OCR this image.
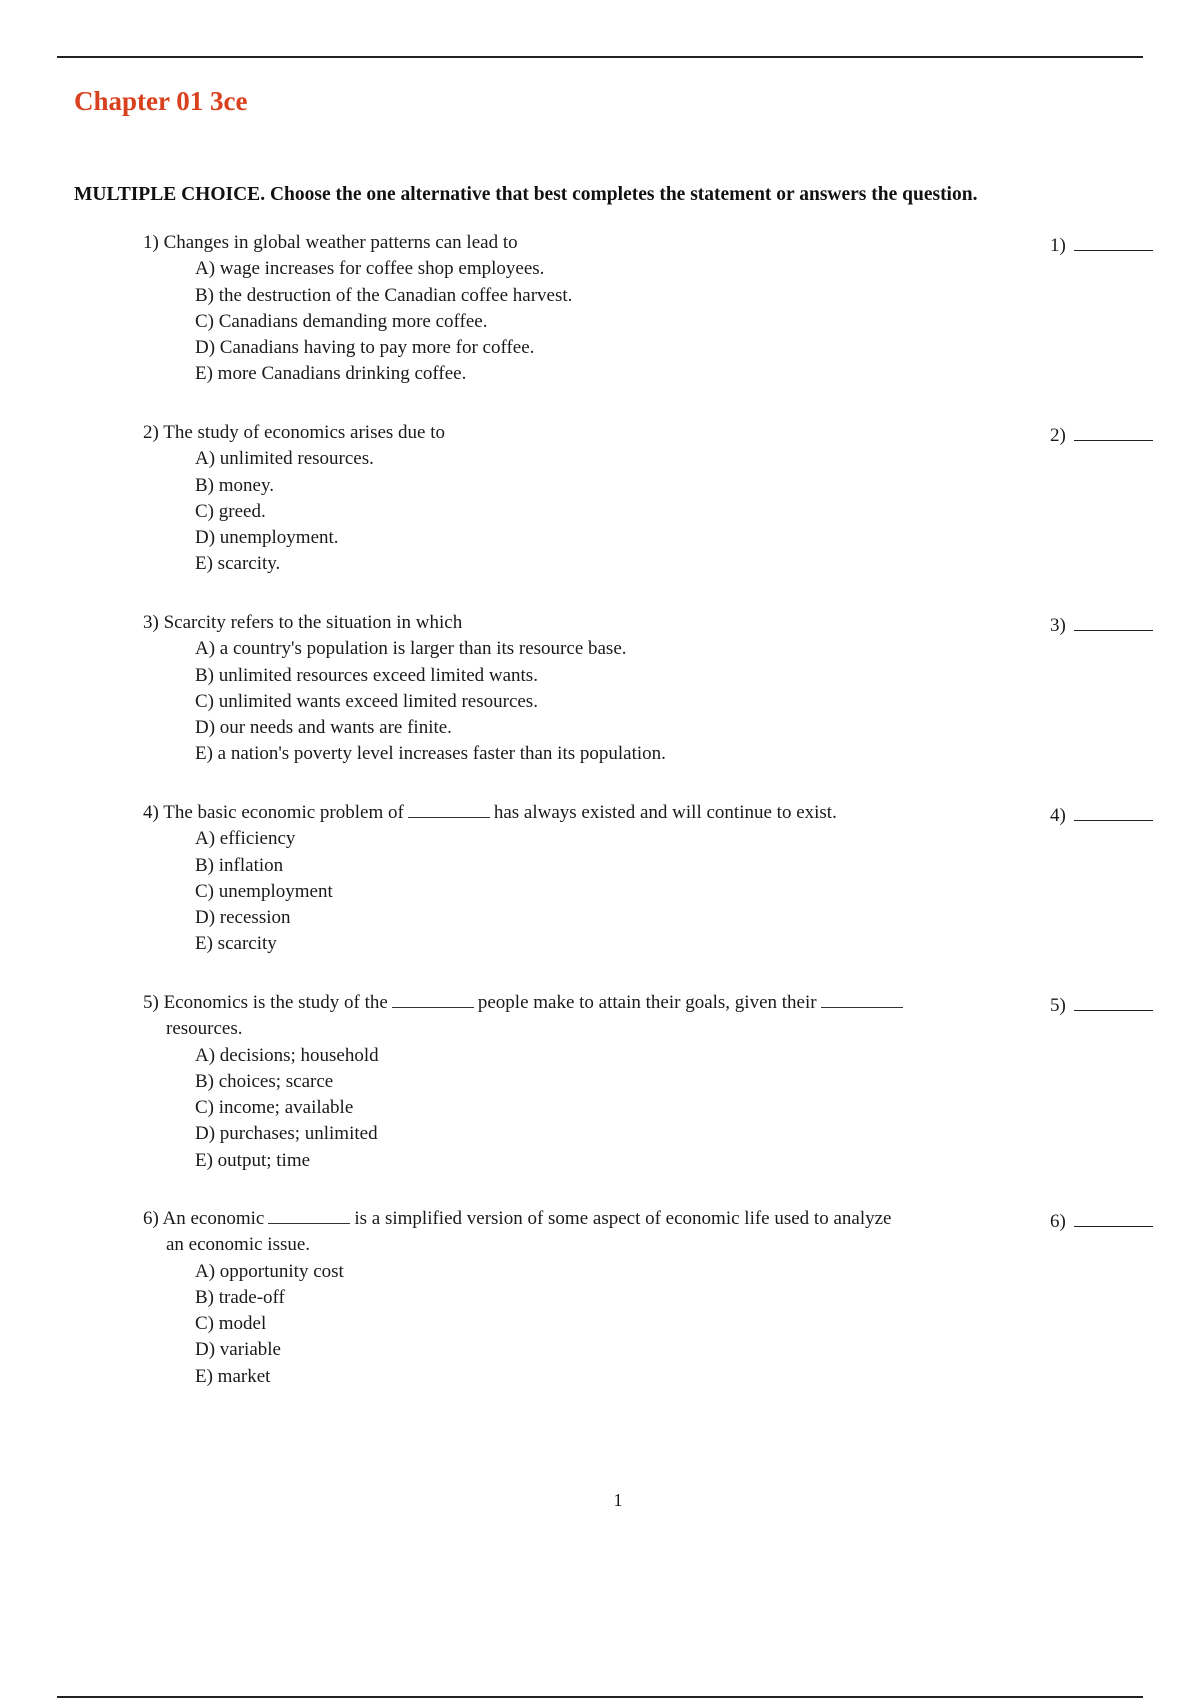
Chapter 01 3ce
MULTIPLE CHOICE. Choose the one alternative that best completes the statement or answers the question.
1) Changes in global weather patterns can lead to	1)
A) wage increases for coffee shop employees.
B) the destruction of the Canadian coffee harvest.
C) Canadians demanding more coffee.
D) Canadians having to pay more for coffee.
E) more Canadians drinking coffee.
2) The study of economics arises due to	2)
A) unlimited resources.
B) money.
C) greed.
D) unemployment.
E) scarcity.
3) Scarcity refers to the situation in which	3)
A) a country's population is larger than its resource base.
B) unlimited resources exceed limited wants.
C) unlimited wants exceed limited resources.
D) our needs and wants are finite.
E) a nation's poverty level increases faster than its population.
4) The basic economic problem of	has always existed and will continue to exist.	4)
A) efficiency
B) inflation
C) unemployment
D) recession
E) scarcity
5) Economics is the study of the	people make to attain their goals, given their
resources.
5)
A) decisions; household
B) choices; scarce
C) income; available
D) purchases; unlimited
E) output; time
6) An economic	is a simplified version of some aspect of economic life used to analyze
an economic issue.
6)
A) opportunity cost
B) trade-off
C) model
D) variable
E) market
1
